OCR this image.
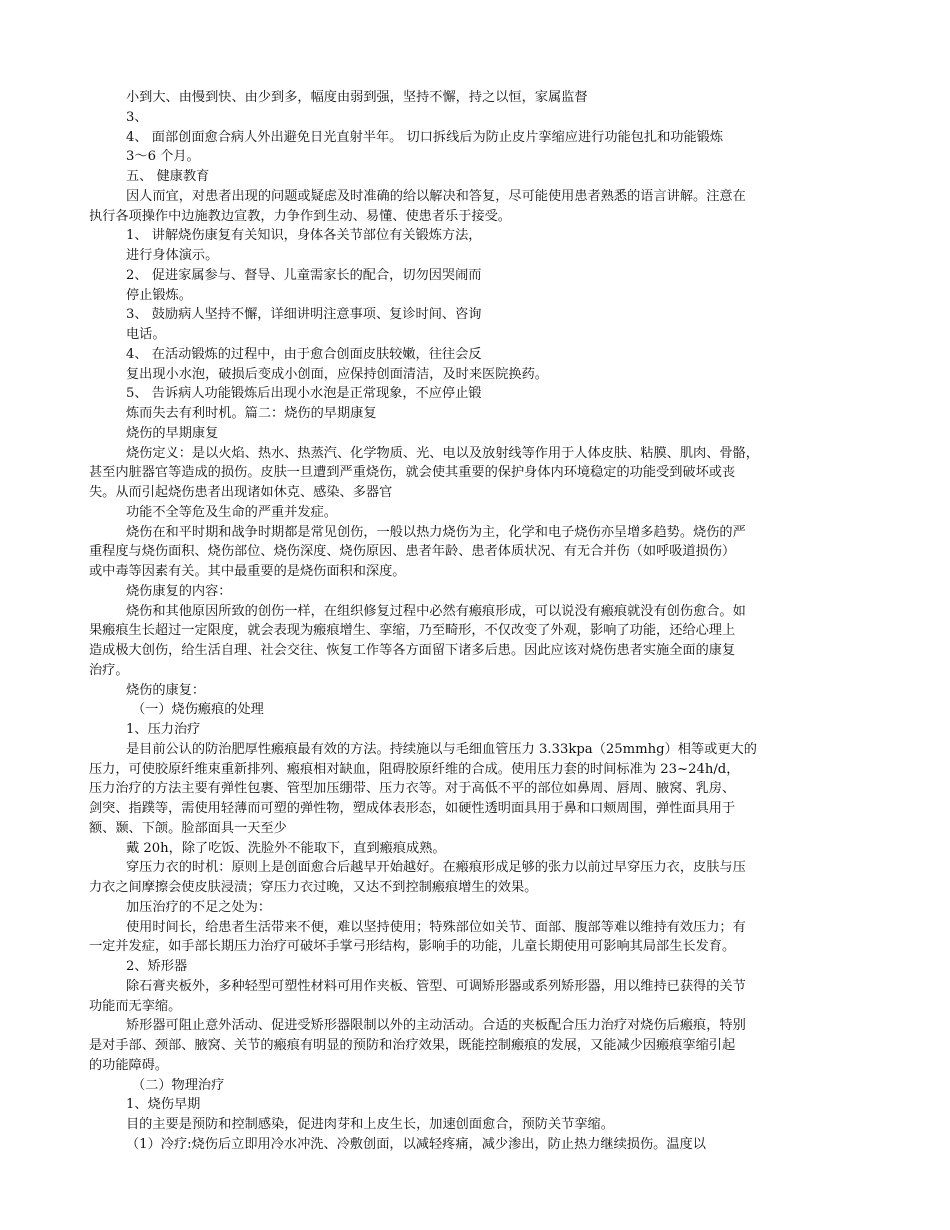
小到大、由慢到快、由少到多，幅度由弱到强，坚持不懈，持之以恒，家属监督
3、
4、 面部创面愈合病人外出避免日光直射半年。 切口拆线后为防止皮片挛缩应进行功能包扎和功能锻炼
3～6 个月。
五、 健康教育
因人而宜，对患者出现的问题或疑虑及时准确的给以解决和答复，尽可能使用患者熟悉的语言讲解。注意在
执行各项操作中边施教边宣教，力争作到生动、易懂、使患者乐于接受。
1、 讲解烧伤康复有关知识，身体各关节部位有关锻炼方法，
进行身体演示。
2、 促进家属参与、督导、儿童需家长的配合，切勿因哭闹而
停止锻炼。
3、 鼓励病人坚持不懈，详细讲明注意事项、复诊时间、咨询
电话。
4、 在活动锻炼的过程中，由于愈合创面皮肤较嫩，往往会反
复出现小水泡，破损后变成小创面，应保持创面清洁，及时来医院换药。
5、 告诉病人功能锻炼后出现小水泡是正常现象，不应停止锻
炼而失去有利时机。篇二：烧伤的早期康复
烧伤的早期康复
烧伤定义：是以火焰、热水、热蒸汽、化学物质、光、电以及放射线等作用于人体皮肤、粘膜、肌肉、骨骼，
甚至内脏器官等造成的损伤。皮肤一旦遭到严重烧伤，就会使其重要的保护身体内环境稳定的功能受到破坏或丧
失。从而引起烧伤患者出现诸如休克、感染、多器官
功能不全等危及生命的严重并发症。
烧伤在和平时期和战争时期都是常见创伤，一般以热力烧伤为主，化学和电子烧伤亦呈增多趋势。烧伤的严
重程度与烧伤面积、烧伤部位、烧伤深度、烧伤原因、患者年龄、患者体质状况、有无合并伤（如呼吸道损伤）
或中毒等因素有关。其中最重要的是烧伤面积和深度。
烧伤康复的内容：
烧伤和其他原因所致的创伤一样，在组织修复过程中必然有瘢痕形成，可以说没有瘢痕就没有创伤愈合。如
果瘢痕生长超过一定限度，就会表现为瘢痕增生、挛缩，乃至畸形，不仅改变了外观，影响了功能，还给心理上
造成极大创伤，给生活自理、社会交往、恢复工作等各方面留下诸多后患。因此应该对烧伤患者实施全面的康复
治疗。
烧伤的康复：
（一）烧伤瘢痕的处理
1、压力治疗
是目前公认的防治肥厚性瘢痕最有效的方法。持续施以与毛细血管压力 3.33kpa（25mmhg）相等或更大的
压力，可使胶原纤维束重新排列、瘢痕相对缺血，阻碍胶原纤维的合成。使用压力套的时间标准为 23~24h/d，
压力治疗的方法主要有弹性包裹、管型加压绷带、压力衣等。对于高低不平的部位如鼻周、唇周、腋窝、乳房、
剑突、指蹼等，需使用轻薄而可塑的弹性物，塑成体表形态，如硬性透明面具用于鼻和口颊周围，弹性面具用于
额、颞、下颌。脸部面具一天至少
戴 20h，除了吃饭、洗脸外不能取下，直到瘢痕成熟。
穿压力衣的时机：原则上是创面愈合后越早开始越好。在瘢痕形成足够的张力以前过早穿压力衣，皮肤与压
力衣之间摩擦会使皮肤浸渍；穿压力衣过晚，又达不到控制瘢痕增生的效果。
加压治疗的不足之处为：
使用时间长，给患者生活带来不便，难以坚持使用；特殊部位如关节、面部、腹部等难以维持有效压力；有
一定并发症，如手部长期压力治疗可破坏手掌弓形结构，影响手的功能，儿童长期使用可影响其局部生长发育。
2、矫形器
除石膏夹板外，多种轻型可塑性材料可用作夹板、管型、可调矫形器或系列矫形器，用以维持已获得的关节
功能而无挛缩。
矫形器可阻止意外活动、促进受矫形器限制以外的主动活动。合适的夹板配合压力治疗对烧伤后瘢痕，特别
是对手部、颈部、腋窝、关节的瘢痕有明显的预防和治疗效果，既能控制瘢痕的发展，又能减少因瘢痕挛缩引起
的功能障碍。
（二）物理治疗
1、烧伤早期
目的主要是预防和控制感染，促进肉芽和上皮生长，加速创面愈合，预防关节挛缩。
（1）冷疗:烧伤后立即用冷水冲洗、冷敷创面，以减轻疼痛，减少渗出，防止热力继续损伤。温度以
